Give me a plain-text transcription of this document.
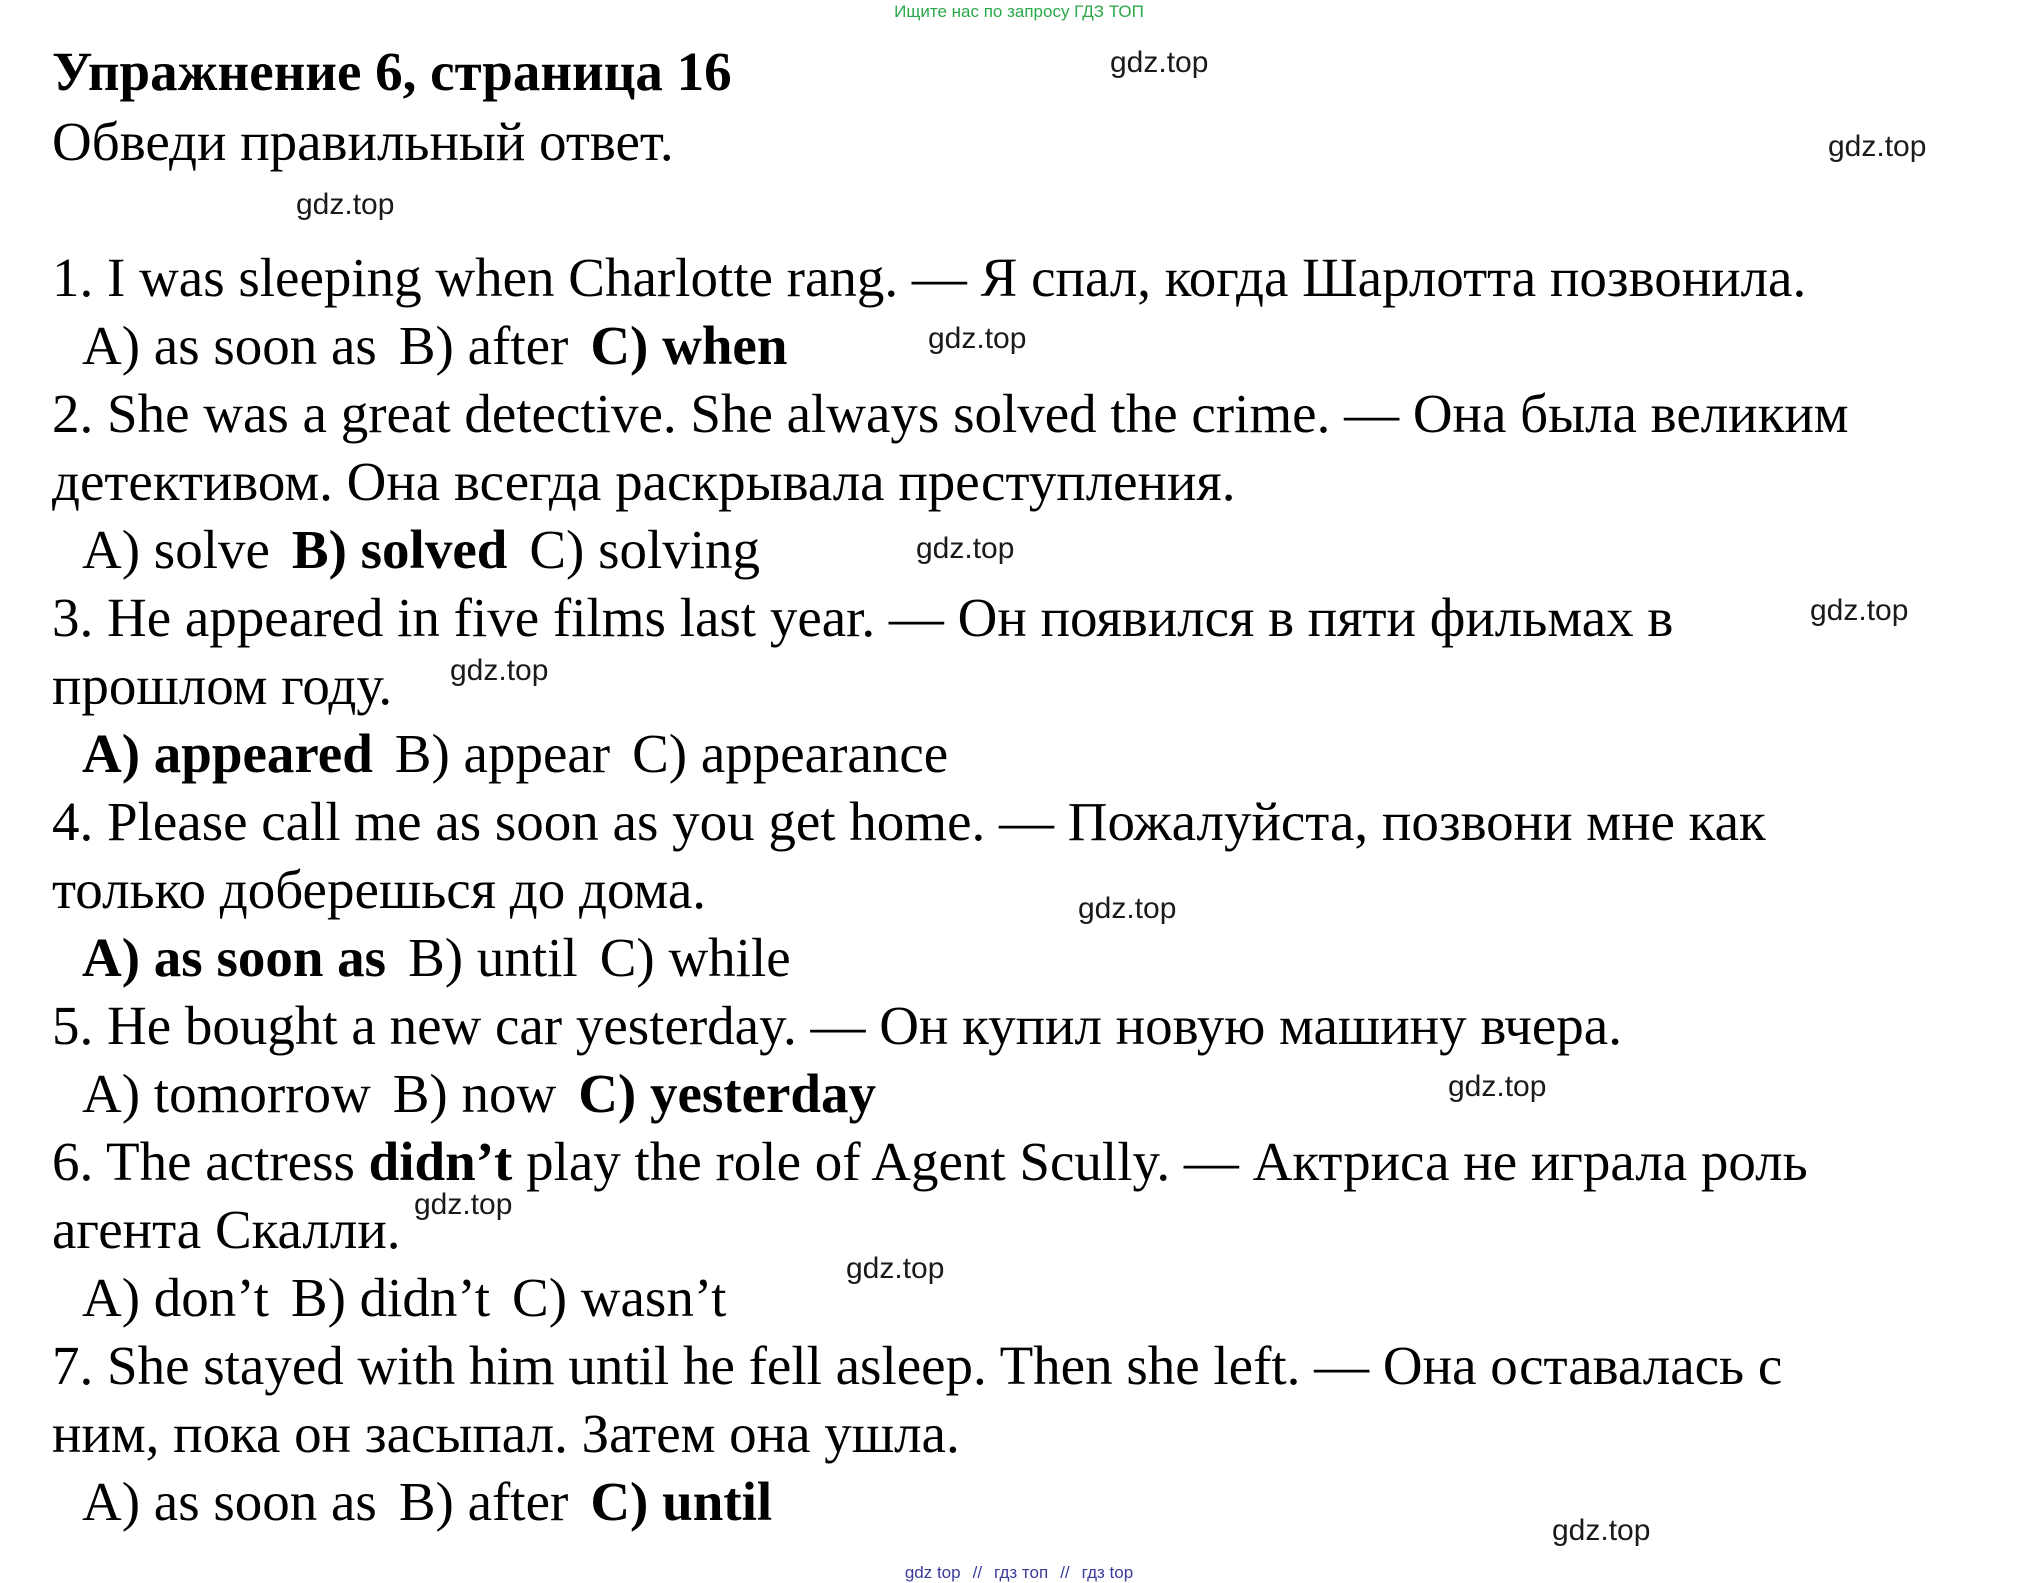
Ищите нас по запросу ГДЗ ТОП
Упражнение 6, страница 16
Обведи правильный ответ.
gdz.top
gdz.top
gdz.top
gdz.top
gdz.top
gdz.top
gdz.top
gdz.top
gdz.top
gdz.top
gdz.top
gdz.top
1. I was sleeping when Charlotte rang. — Я спал, когда Шарлотта позвонила.
A) as soon as B) after C) when
2. She was a great detective. She always solved the crime. — Она была великим
детективом. Она всегда раскрывала преступления.
A) solve B) solved C) solving
3. He appeared in five films last year. — Он появился в пяти фильмах в
прошлом году.
A) appeared B) appear C) appearance
4. Please call me as soon as you get home. — Пожалуйста, позвони мне как
только доберешься до дома.
A) as soon as B) until C) while
5. He bought a new car yesterday. — Он купил новую машину вчера.
A) tomorrow B) now C) yesterday
6. The actress didn’t play the role of Agent Scully. — Актриса не играла роль
агента Скалли.
A) don’t B) didn’t C) wasn’t
7. She stayed with him until he fell asleep. Then she left. — Она оставалась с
ним, пока он засыпал. Затем она ушла.
A) as soon as B) after C) until
gdz top // гдз топ // гдз top
